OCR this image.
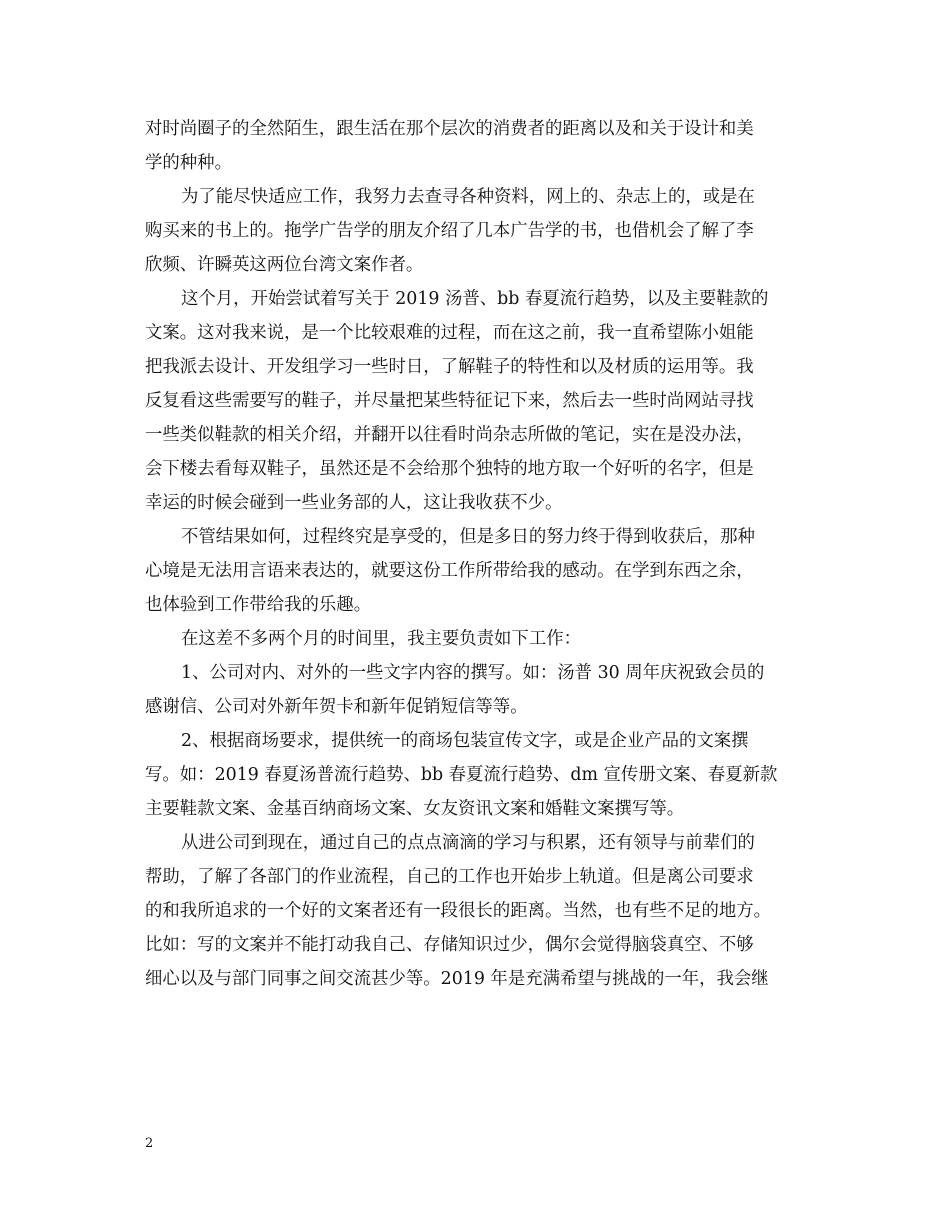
对时尚圈子的全然陌生，跟生活在那个层次的消费者的距离以及和关于设计和美
学的种种。
为了能尽快适应工作，我努力去查寻各种资料，网上的、杂志上的，或是在
购买来的书上的。拖学广告学的朋友介绍了几本广告学的书，也借机会了解了李
欣频、许瞬英这两位台湾文案作者。
这个月，开始尝试着写关于 2019 汤普、bb 春夏流行趋势，以及主要鞋款的
文案。这对我来说，是一个比较艰难的过程，而在这之前，我一直希望陈小姐能
把我派去设计、开发组学习一些时日，了解鞋子的特性和以及材质的运用等。我
反复看这些需要写的鞋子，并尽量把某些特征记下来，然后去一些时尚网站寻找
一些类似鞋款的相关介绍，并翻开以往看时尚杂志所做的笔记，实在是没办法，
会下楼去看每双鞋子，虽然还是不会给那个独特的地方取一个好听的名字，但是
幸运的时候会碰到一些业务部的人，这让我收获不少。
不管结果如何，过程终究是享受的，但是多日的努力终于得到收获后，那种
心境是无法用言语来表达的，就要这份工作所带给我的感动。在学到东西之余，
也体验到工作带给我的乐趣。
在这差不多两个月的时间里，我主要负责如下工作：
1、公司对内、对外的一些文字内容的撰写。如：汤普 30 周年庆祝致会员的
感谢信、公司对外新年贺卡和新年促销短信等等。
2、根据商场要求，提供统一的商场包装宣传文字，或是企业产品的文案撰
写。如：2019 春夏汤普流行趋势、bb 春夏流行趋势、dm 宣传册文案、春夏新款
主要鞋款文案、金基百纳商场文案、女友资讯文案和婚鞋文案撰写等。
从进公司到现在，通过自己的点点滴滴的学习与积累，还有领导与前辈们的
帮助，了解了各部门的作业流程，自己的工作也开始步上轨道。但是离公司要求
的和我所追求的一个好的文案者还有一段很长的距离。当然，也有些不足的地方。
比如：写的文案并不能打动我自己、存储知识过少，偶尔会觉得脑袋真空、不够
细心以及与部门同事之间交流甚少等。2019 年是充满希望与挑战的一年，我会继
2
